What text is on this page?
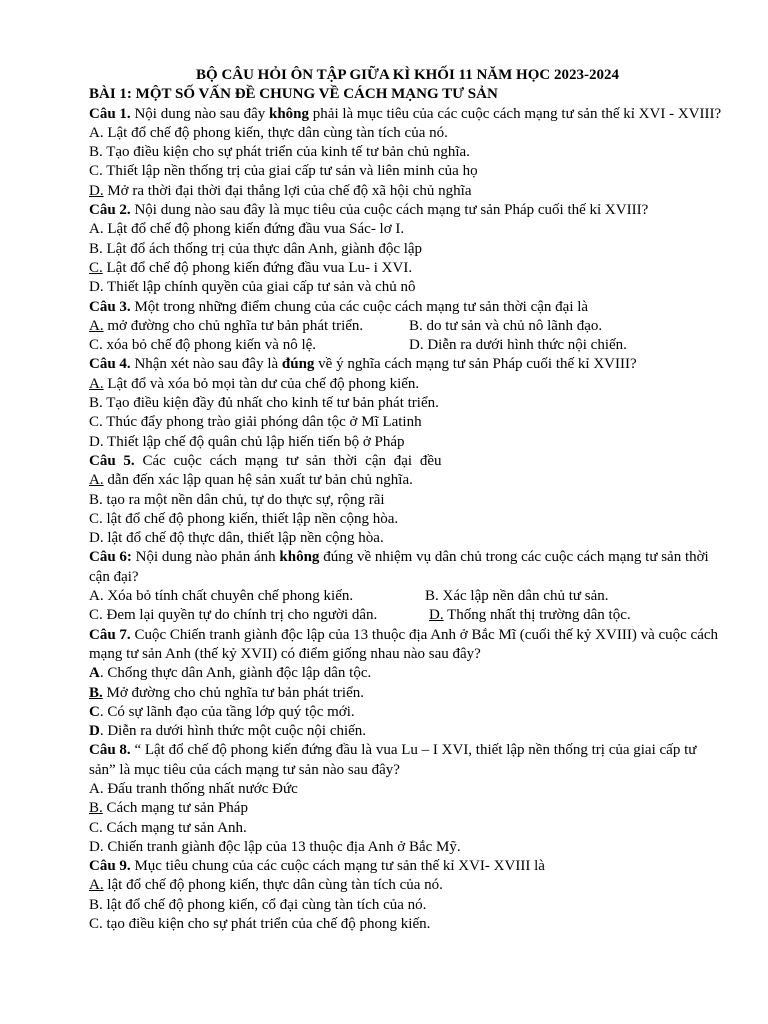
BỘ CÂU HỎI ÔN TẬP GIỮA KÌ KHỐI 11 NĂM HỌC 2023-2024

BÀI 1: MỘT SỐ VẤN ĐỀ CHUNG VỀ CÁCH MẠNG TƯ SẢN

Câu 1. Nội dung nào sau đây không phải là mục tiêu của các cuộc cách mạng tư sản thế kỉ XVI - XVIII?

A. Lật đổ chế độ phong kiến, thực dân cùng tàn tích của nó.

B. Tạo điều kiện cho sự phát triển của kinh tế tư bản chủ nghĩa.

C. Thiết lập nền thống trị của giai cấp tư sản và liên minh của họ

D. Mở ra thời đại thời đại thắng lợi của chế độ xã hội chủ nghĩa

Câu 2. Nội dung nào sau đây là mục tiêu của cuộc cách mạng tư sản Pháp cuối thế kỉ XVIII?

A. Lật đổ chế độ phong kiến đứng đầu vua Sác- lơ I.

B. Lật đổ ách thống trị của thực dân Anh, giành độc lập

C. Lật đổ chế độ phong kiến đứng đầu vua Lu- i XVI.

D. Thiết lập chính quyền của giai cấp tư sản và chủ nô

Câu 3. Một trong những điểm chung của các cuộc cách mạng tư sản thời cận đại là

A. mở đường cho chủ nghĩa tư bản phát triển.	B. do tư sản và chủ nô lãnh đạo.
C. xóa bỏ chế độ phong kiến và nô lệ.	D. Diễn ra dưới hình thức nội chiến.

Câu 4. Nhận xét nào sau đây là đúng về ý nghĩa cách mạng tư sản Pháp cuối thế kỉ XVIII?

A. Lật đổ và xóa bỏ mọi tàn dư của chế độ phong kiến.

B. Tạo điều kiện đầy đủ nhất cho kinh tế tư bản phát triển.

C. Thúc đẩy phong trào giải phóng dân tộc ở Mĩ Latinh

D. Thiết lập chế độ quân chủ lập hiến tiến bộ ở Pháp

Câu 5. Các cuộc cách mạng tư sản thời cận đại đều

A. dẫn đến xác lập quan hệ sản xuất tư bản chủ nghĩa.

B. tạo ra một nền dân chủ, tự do thực sự, rộng rãi

C. lật đổ chế độ phong kiến, thiết lập nền cộng hòa.

D. lật đổ chế độ thực dân, thiết lập nền cộng hòa.

Câu 6: Nội dung nào phản ánh không đúng về nhiệm vụ dân chủ trong các cuộc cách mạng tư sản thời cận đại?

A. Xóa bỏ tính chất chuyên chế phong kiến.	B. Xác lập nền dân chủ tư sản.
C. Đem lại quyền tự do chính trị cho người dân.	D. Thống nhất thị trường dân tộc.

Câu 7. Cuộc Chiến tranh giành độc lập của 13 thuộc địa Anh ở Bắc Mĩ (cuối thế kỷ XVIII) và cuộc cách mạng tư sản Anh (thế kỷ XVII) có điểm giống nhau nào sau đây?

A. Chống thực dân Anh, giành độc lập dân tộc.

B. Mở đường cho chủ nghĩa tư bản phát triển.

C. Có sự lãnh đạo của tầng lớp quý tộc mới.

D. Diễn ra dưới hình thức một cuộc nội chiến.

Câu 8. “ Lật đổ chế độ phong kiến đứng đầu là vua Lu – I XVI, thiết lập nền thống trị của giai cấp tư sản” là mục tiêu của cách mạng tư sản nào sau đây?

A. Đấu tranh thống nhất nước Đức

B. Cách mạng tư sản Pháp

C. Cách mạng tư sản Anh.

D. Chiến tranh giành độc lập của 13 thuộc địa Anh ở Bắc Mỹ.

Câu 9. Mục tiêu chung của các cuộc cách mạng tư sản thế kỉ XVI- XVIII là

A. lật đổ chế độ phong kiến, thực dân cùng tàn tích của nó.

B. lật đổ chế độ phong kiến, cổ đại cùng tàn tích của nó.

C. tạo điều kiện cho sự phát triển của chế độ phong kiến.
